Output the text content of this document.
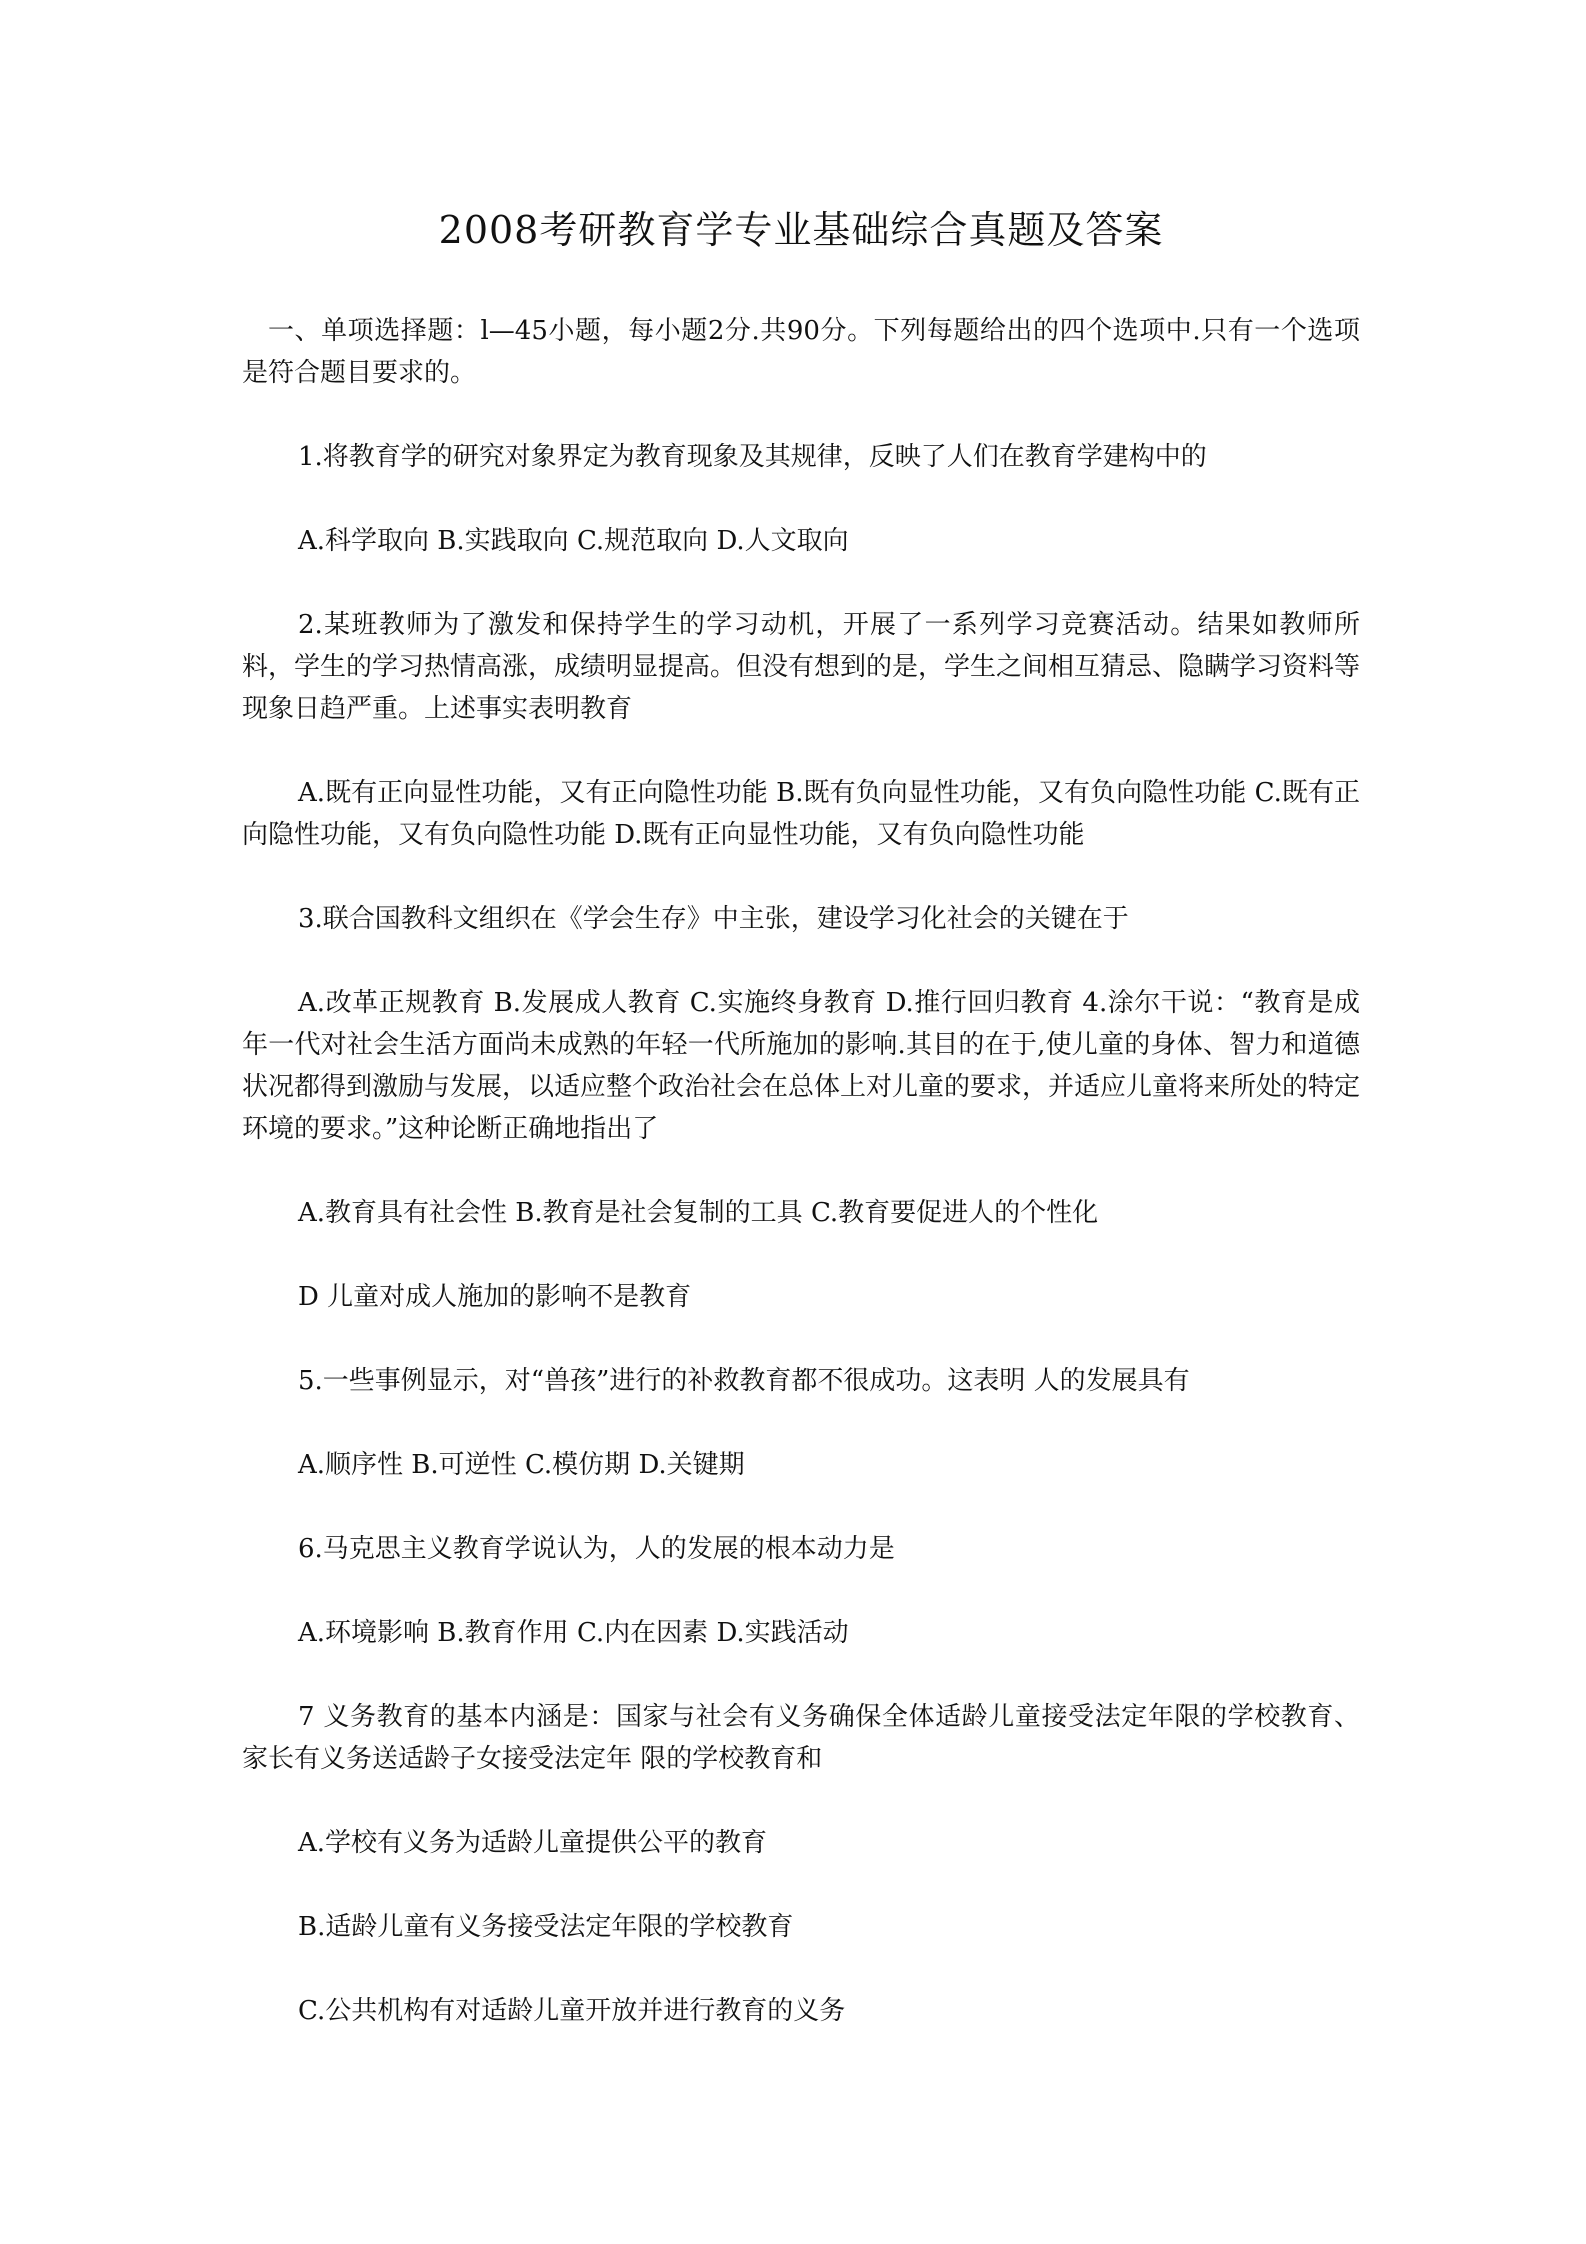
2008考研教育学专业基础综合真题及答案

一、单项选择题：l—45小题，每小题2分.共90分。下列每题给出的四个选项中.只有一个选项是符合题目要求的。

1.将教育学的研究对象界定为教育现象及其规律，反映了人们在教育学建构中的

A.科学取向 B.实践取向 C.规范取向 D.人文取向

2.某班教师为了激发和保持学生的学习动机，开展了一系列学习竞赛活动。结果如教师所料，学生的学习热情高涨，成绩明显提高。但没有想到的是，学生之间相互猜忌、隐瞒学习资料等现象日趋严重。上述事实表明教育

A.既有正向显性功能，又有正向隐性功能 B.既有负向显性功能，又有负向隐性功能 C.既有正向隐性功能，又有负向隐性功能 D.既有正向显性功能，又有负向隐性功能

3.联合国教科文组织在《学会生存》中主张，建设学习化社会的关键在于

A.改革正规教育 B.发展成人教育 C.实施终身教育 D.推行回归教育 4.涂尔干说：“教育是成年一代对社会生活方面尚未成熟的年轻一代所施加的影响.其目的在于,使儿童的身体、智力和道德状况都得到激励与发展，以适应整个政治社会在总体上对儿童的要求，并适应儿童将来所处的特定环境的要求。”这种论断正确地指出了

A.教育具有社会性 B.教育是社会复制的工具 C.教育要促进人的个性化

D 儿童对成人施加的影响不是教育

5.一些事例显示，对“兽孩”进行的补救教育都不很成功。这表明 人的发展具有

A.顺序性 B.可逆性 C.模仿期 D.关键期

6.马克思主义教育学说认为，人的发展的根本动力是

A.环境影响 B.教育作用 C.内在因素 D.实践活动

7 义务教育的基本内涵是：国家与社会有义务确保全体适龄儿童接受法定年限的学校教育、家长有义务送适龄子女接受法定年 限的学校教育和

A.学校有义务为适龄儿童提供公平的教育

B.适龄儿童有义务接受法定年限的学校教育

C.公共机构有对适龄儿童开放并进行教育的义务
